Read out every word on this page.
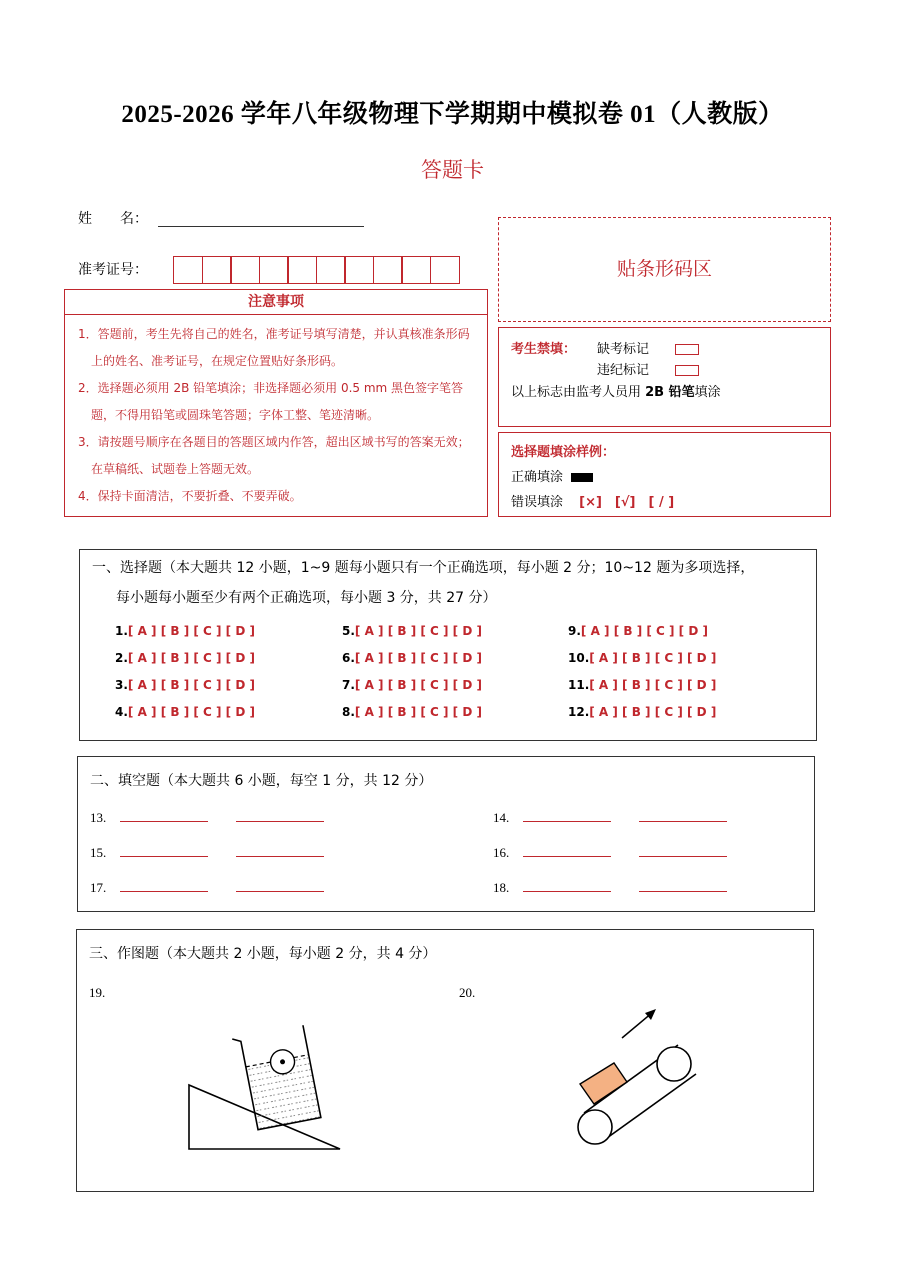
2025-2026 学年八年级物理下学期期中模拟卷 01（人教版）
答题卡
姓　　名：
准考证号：	贴条形码区
注意事项
1．答题前，考生先将自己的姓名，准考证号填写清楚，并认真核准条形码上的姓名、准考证号，在规定位置贴好条形码。
2．选择题必须用 2B 铅笔填涂；非选择题必须用 0.5 mm 黑色签字笔答题，不得用铅笔或圆珠笔答题；字体工整、笔迹清晰。
3．请按题号顺序在各题目的答题区域内作答，超出区域书写的答案无效；在草稿纸、试题卷上答题无效。
4．保持卡面清洁，不要折叠、不要弄破。
考生禁填： 缺考标记
违纪标记
以上标志由监考人员用 2B 铅笔填涂
选择题填涂样例：
正确填涂
错误填涂 [×]　[√]　[ / ]
一、选择题（本大题共 12 小题，1~9 题每小题只有一个正确选项，每小题 2 分；10~12 题为多项选择，
每小题每小题至少有两个正确选项，每小题 3 分，共 27 分）
1.[ A ] [ B ] [ C ] [ D ]
2.[ A ] [ B ] [ C ] [ D ]
3.[ A ] [ B ] [ C ] [ D ]
4.[ A ] [ B ] [ C ] [ D ]
5.[ A ] [ B ] [ C ] [ D ]
6.[ A ] [ B ] [ C ] [ D ]
7.[ A ] [ B ] [ C ] [ D ]
8.[ A ] [ B ] [ C ] [ D ]
9.[ A ] [ B ] [ C ] [ D ]
10.[ A ] [ B ] [ C ] [ D ]
11.[ A ] [ B ] [ C ] [ D ]
12.[ A ] [ B ] [ C ] [ D ]
二、填空题（本大题共 6 小题，每空 1 分，共 12 分）
13.	14.
15.	16.
17.	18.
三、作图题（本大题共 2 小题，每小题 2 分，共 4 分）
19.	20.
